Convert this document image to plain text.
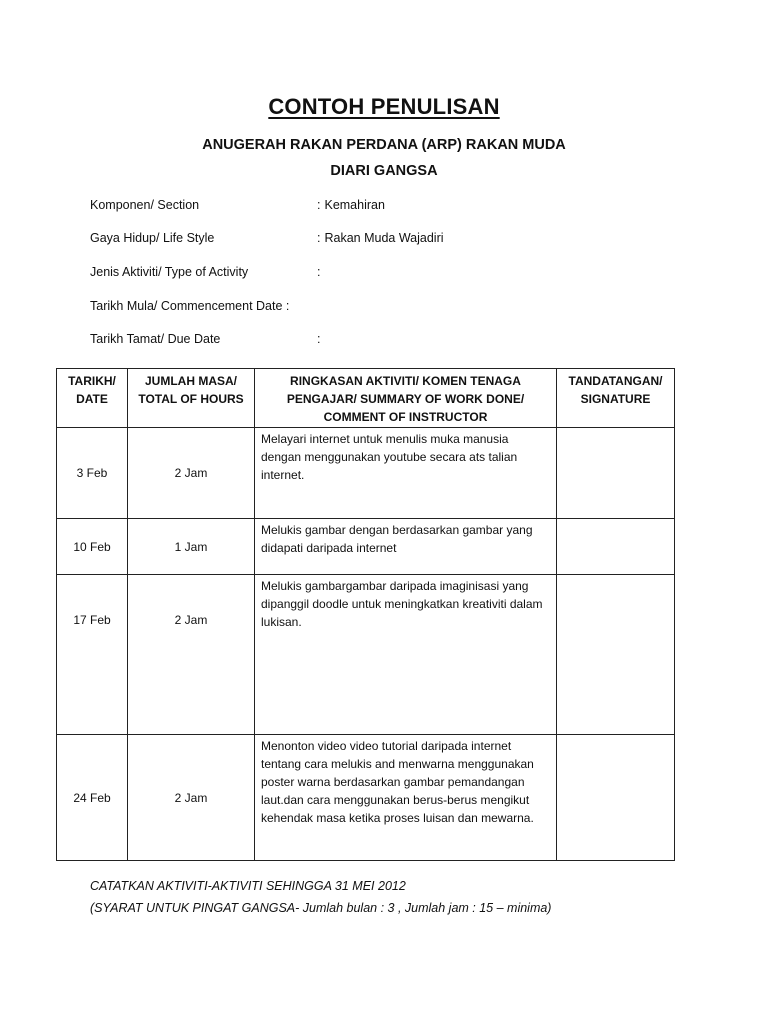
CONTOH PENULISAN
ANUGERAH RAKAN PERDANA (ARP) RAKAN MUDA
DIARI GANGSA
Komponen/ Section	: Kemahiran
Gaya Hidup/ Life Style	: Rakan Muda Wajadiri
Jenis Aktiviti/ Type of Activity	:
Tarikh Mula/ Commencement Date :
Tarikh Tamat/ Due Date	:
TARIKH/ DATE	JUMLAH MASA/ TOTAL OF HOURS	RINGKASAN AKTIVITI/ KOMEN TENAGA PENGAJAR/ SUMMARY OF WORK DONE/ COMMENT OF INSTRUCTOR	TANDATANGAN/ SIGNATURE
3 Feb	2 Jam	Melayari internet untuk menulis muka manusia dengan menggunakan youtube secara ats talian internet.	
10 Feb	1 Jam	Melukis gambar dengan berdasarkan gambar yang didapati daripada internet	
17 Feb	2 Jam	Melukis gambargambar daripada imaginisasi yang dipanggil doodle untuk meningkatkan kreativiti dalam lukisan.	
24 Feb	2 Jam	Menonton video video tutorial daripada internet tentang cara melukis and menwarna menggunakan poster warna berdasarkan gambar pemandangan laut.dan cara menggunakan berus-berus mengikut kehendak masa ketika proses luisan dan mewarna.	
CATATKAN AKTIVITI-AKTIVITI SEHINGGA 31 MEI 2012
(SYARAT UNTUK PINGAT GANGSA- Jumlah bulan : 3 , Jumlah jam : 15 – minima)
